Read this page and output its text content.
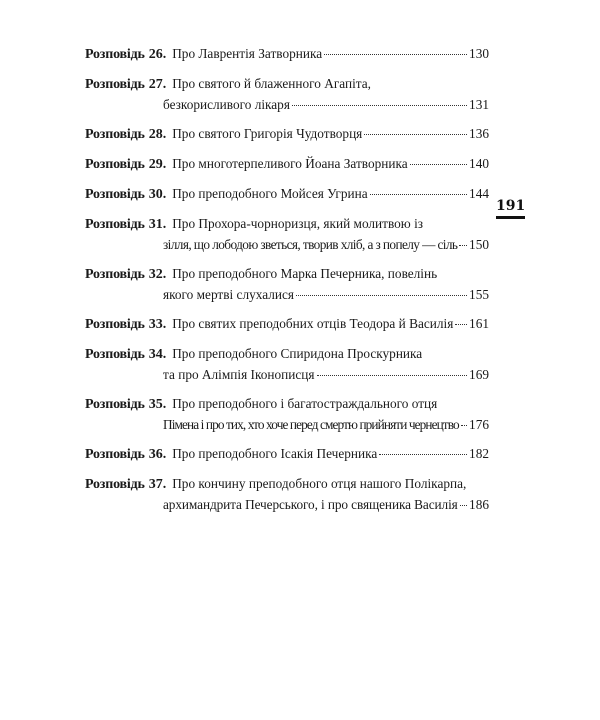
Розповідь 26. Про Лаврентія Затворника	130
Розповідь 27. Про святого й блаженного Агапіта,
безкорисливого лікаря	131
Розповідь 28. Про святого Григорія Чудотворця	136
Розповідь 29. Про многотерпеливого Йоана Затворника	140
Розповідь 30. Про преподобного Мойсея Угрина	144
Розповідь 31. Про Прохора-чорноризця, який молитвою із
зілля, що лободою зветься, творив хліб, а з попелу — сіль 150
Розповідь 32. Про преподобного Марка Печерника, повелінь
якого мертві слухалися	155
Розповідь 33. Про святих преподобних отців Теодора й Василія 161
Розповідь 34. Про преподобного Спиридона Проскурника
та про Алімпія Іконописця	169
Розповідь 35. Про преподобного і багатостраждального отця
Пімена і про тих, хто хоче перед смертю прийняти чернецтво 176
Розповідь 36. Про преподобного Ісакія Печерника	182
Розповідь 37. Про кончину преподобного отця нашого Полікарпа,
архимандрита Печерського, і про священика Василія 186
191
